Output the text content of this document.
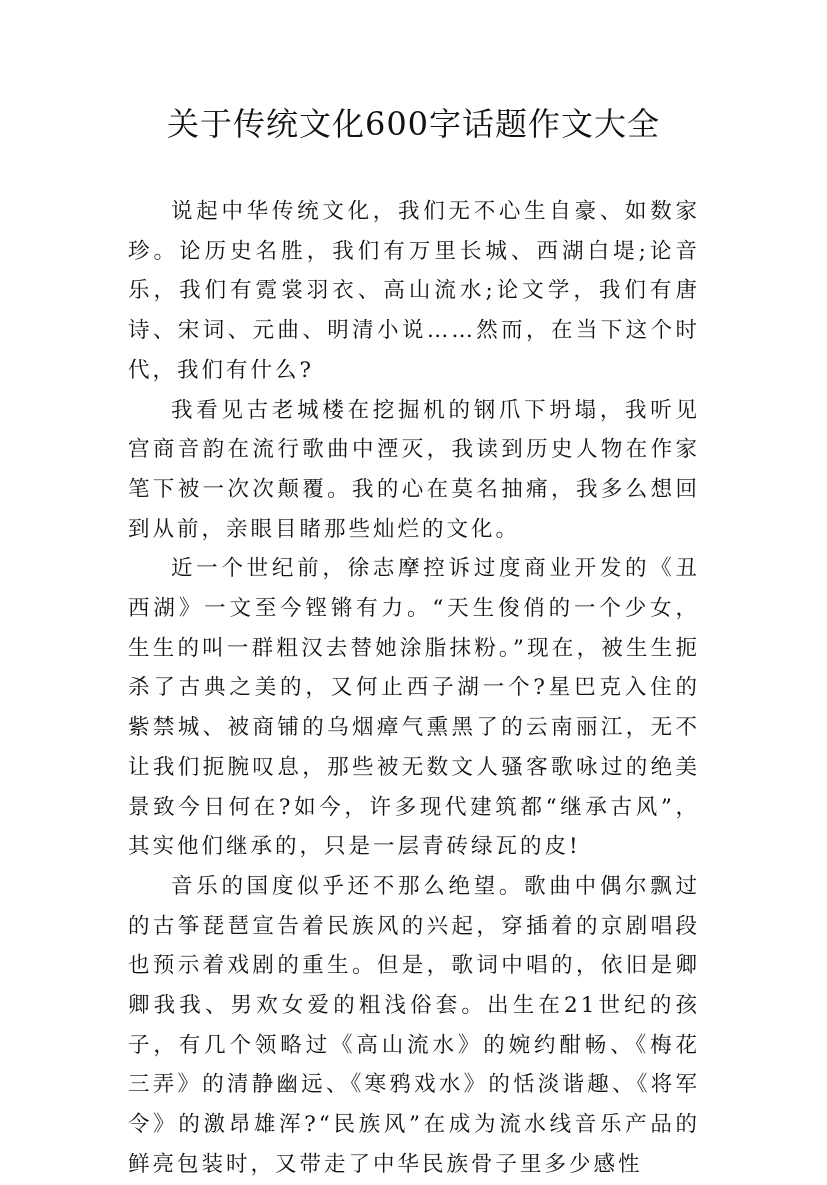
关于传统文化600字话题作文大全

说起中华传统文化，我们无不心生自豪、如数家珍。论历史名胜，我们有万里长城、西湖白堤;论音乐，我们有霓裳羽衣、高山流水;论文学，我们有唐诗、宋词、元曲、明清小说……然而，在当下这个时代，我们有什么?

我看见古老城楼在挖掘机的钢爪下坍塌，我听见宫商音韵在流行歌曲中湮灭，我读到历史人物在作家笔下被一次次颠覆。我的心在莫名抽痛，我多么想回到从前，亲眼目睹那些灿烂的文化。

近一个世纪前，徐志摩控诉过度商业开发的《丑西湖》一文至今铿锵有力。“天生俊俏的一个少女，生生的叫一群粗汉去替她涂脂抹粉。”现在，被生生扼杀了古典之美的，又何止西子湖一个?星巴克入住的紫禁城、被商铺的乌烟瘴气熏黑了的云南丽江，无不让我们扼腕叹息，那些被无数文人骚客歌咏过的绝美景致今日何在?如今，许多现代建筑都“继承古风”，其实他们继承的，只是一层青砖绿瓦的皮!

音乐的国度似乎还不那么绝望。歌曲中偶尔飘过的古筝琵琶宣告着民族风的兴起，穿插着的京剧唱段也预示着戏剧的重生。但是，歌词中唱的，依旧是卿卿我我、男欢女爱的粗浅俗套。出生在21世纪的孩子，有几个领略过《高山流水》的婉约酣畅、《梅花三弄》的清静幽远、《寒鸦戏水》的恬淡谐趣、《将军令》的激昂雄浑?“民族风”在成为流水线音乐产品的鲜亮包装时，又带走了中华民族骨子里多少感性
